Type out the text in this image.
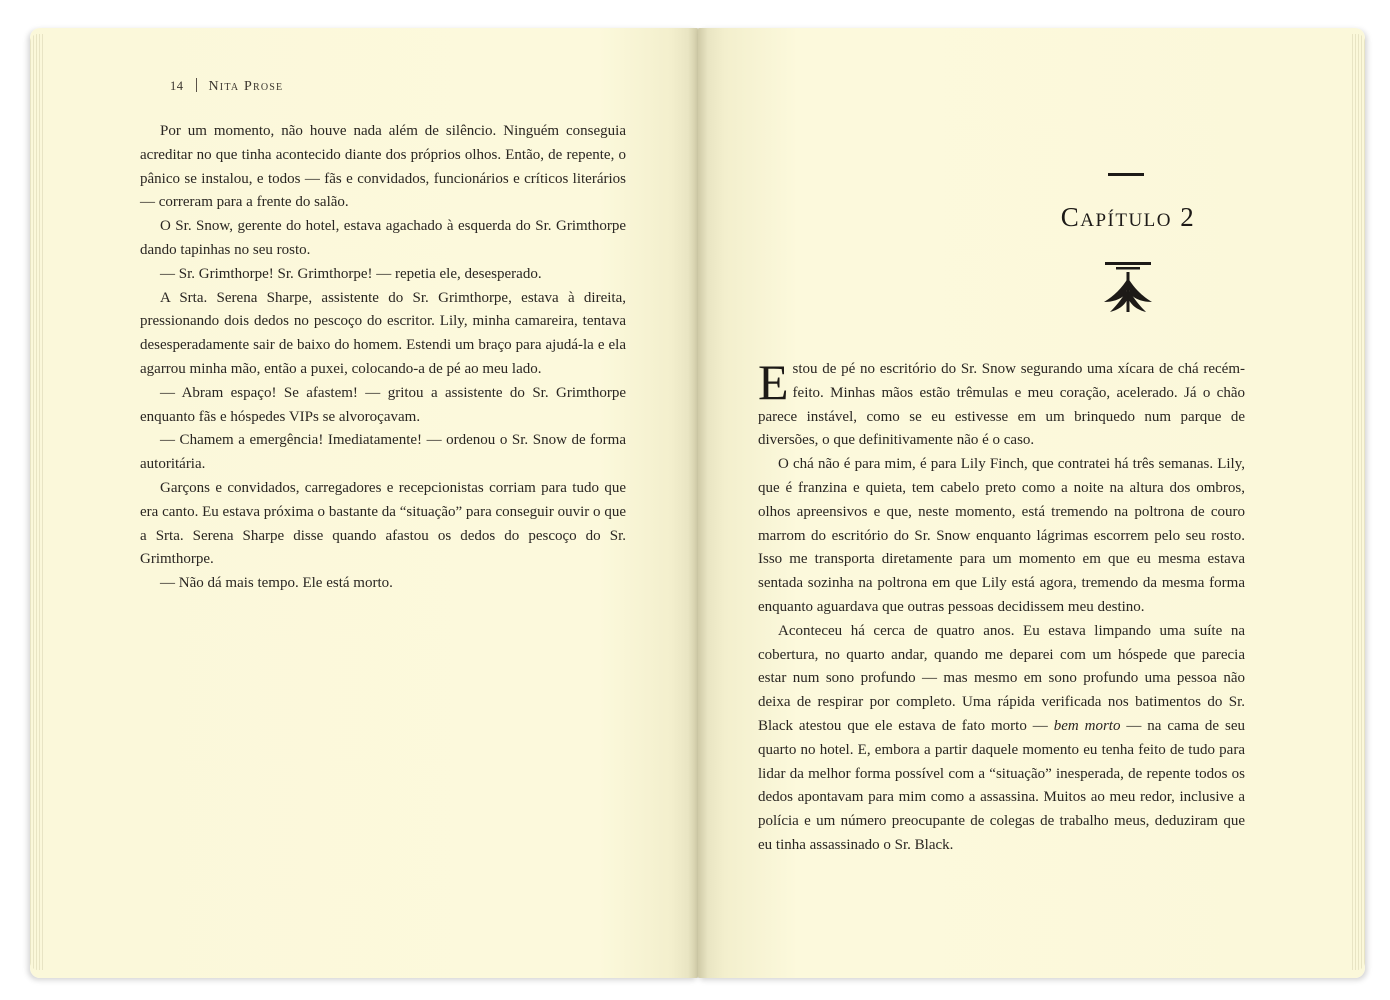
14 Nita Prose

Por um momento, não houve nada além de silêncio. Ninguém conseguia acreditar no que tinha acontecido diante dos próprios olhos. Então, de repente, o pânico se instalou, e todos — fãs e convidados, funcionários e críticos literários — correram para a frente do salão.

O Sr. Snow, gerente do hotel, estava agachado à esquerda do Sr. Grimthorpe dando tapinhas no seu rosto.

— Sr. Grimthorpe! Sr. Grimthorpe! — repetia ele, desesperado.

A Srta. Serena Sharpe, assistente do Sr. Grimthorpe, estava à direita, pressionando dois dedos no pescoço do escritor. Lily, minha camareira, tentava desesperadamente sair de baixo do homem. Estendi um braço para ajudá-la e ela agarrou minha mão, então a puxei, colocando-a de pé ao meu lado.

— Abram espaço! Se afastem! — gritou a assistente do Sr. Grimthorpe enquanto fãs e hóspedes VIPs se alvoroçavam.

— Chamem a emergência! Imediatamente! — ordenou o Sr. Snow de forma autoritária.

Garçons e convidados, carregadores e recepcionistas corriam para tudo que era canto. Eu estava próxima o bastante da “situação” para conseguir ouvir o que a Srta. Serena Sharpe disse quando afastou os dedos do pescoço do Sr. Grimthorpe.

— Não dá mais tempo. Ele está morto.

Capítulo 2

Estou de pé no escritório do Sr. Snow segurando uma xícara de chá recém-feito. Minhas mãos estão trêmulas e meu coração, acelerado. Já o chão parece instável, como se eu estivesse em um brinquedo num parque de diversões, o que definitivamente não é o caso.

O chá não é para mim, é para Lily Finch, que contratei há três semanas. Lily, que é franzina e quieta, tem cabelo preto como a noite na altura dos ombros, olhos apreensivos e que, neste momento, está tremendo na poltrona de couro marrom do escritório do Sr. Snow enquanto lágrimas escorrem pelo seu rosto. Isso me transporta diretamente para um momento em que eu mesma estava sentada sozinha na poltrona em que Lily está agora, tremendo da mesma forma enquanto aguardava que outras pessoas decidissem meu destino.

Aconteceu há cerca de quatro anos. Eu estava limpando uma suíte na cobertura, no quarto andar, quando me deparei com um hóspede que parecia estar num sono profundo — mas mesmo em sono profundo uma pessoa não deixa de respirar por completo. Uma rápida verificada nos batimentos do Sr. Black atestou que ele estava de fato morto — bem morto — na cama de seu quarto no hotel. E, embora a partir daquele momento eu tenha feito de tudo para lidar da melhor forma possível com a “situação” inesperada, de repente todos os dedos apontavam para mim como a assassina. Muitos ao meu redor, inclusive a polícia e um número preocupante de colegas de trabalho meus, deduziram que eu tinha assassinado o Sr. Black.
